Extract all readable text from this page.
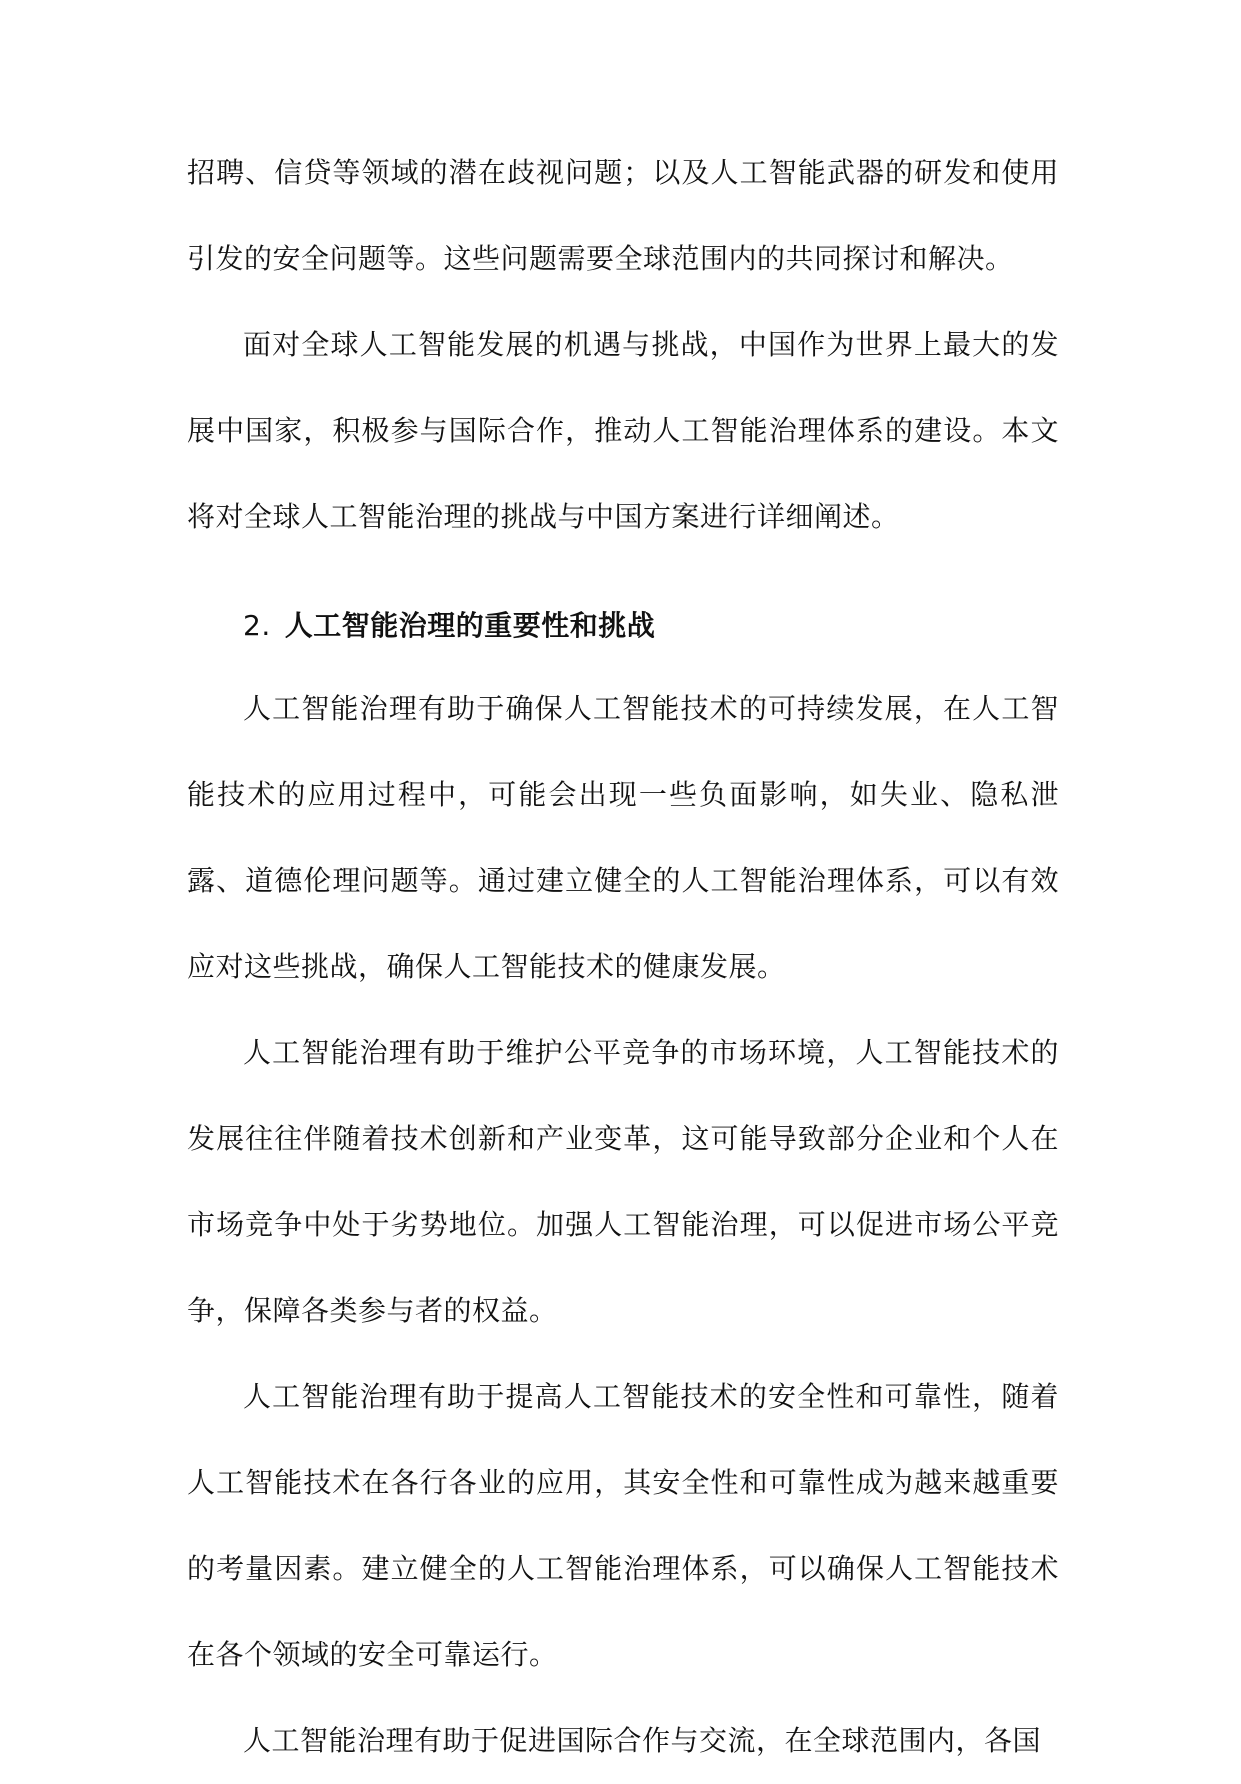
招聘、信贷等领域的潜在歧视问题；以及人工智能武器的研发和使用引发的安全问题等。这些问题需要全球范围内的共同探讨和解决。

面对全球人工智能发展的机遇与挑战，中国作为世界上最大的发展中国家，积极参与国际合作，推动人工智能治理体系的建设。本文将对全球人工智能治理的挑战与中国方案进行详细阐述。

2. 人工智能治理的重要性和挑战

人工智能治理有助于确保人工智能技术的可持续发展，在人工智能技术的应用过程中，可能会出现一些负面影响，如失业、隐私泄露、道德伦理问题等。通过建立健全的人工智能治理体系，可以有效应对这些挑战，确保人工智能技术的健康发展。

人工智能治理有助于维护公平竞争的市场环境，人工智能技术的发展往往伴随着技术创新和产业变革，这可能导致部分企业和个人在市场竞争中处于劣势地位。加强人工智能治理，可以促进市场公平竞争，保障各类参与者的权益。

人工智能治理有助于提高人工智能技术的安全性和可靠性，随着人工智能技术在各行各业的应用，其安全性和可靠性成为越来越重要的考量因素。建立健全的人工智能治理体系，可以确保人工智能技术在各个领域的安全可靠运行。

人工智能治理有助于促进国际合作与交流，在全球范围内，各国
